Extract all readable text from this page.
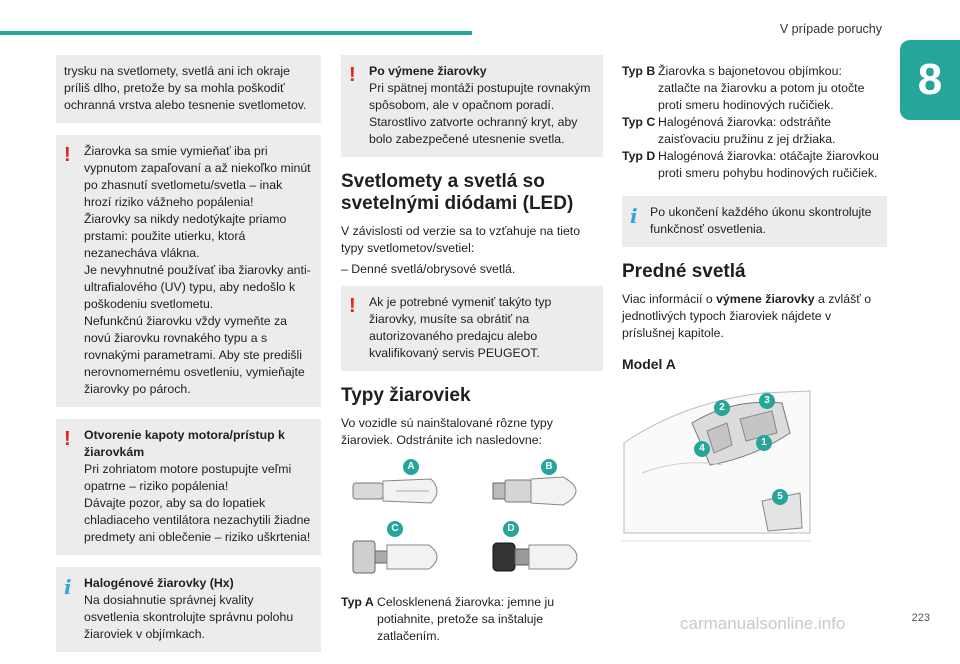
V prípade poruchy
8

trysku na svetlomety, svetlá ani ich okraje príliš dlho, pretože by sa mohla poškodiť ochranná vrstva alebo tesnenie svetlometov.

! Žiarovka sa smie vymieňať iba pri vypnutom zapaľovaní a až niekoľko minút po zhasnutí svetlometu/svetla – inak hrozí riziko vážneho popálenia!

Žiarovky sa nikdy nedotýkajte priamo prstami: použite utierku, ktorá nezanecháva vlákna.

Je nevyhnutné používať iba žiarovky anti-ultrafialového (UV) typu, aby nedošlo k poškodeniu svetlometu.

Nefunkčnú žiarovku vždy vymeňte za novú žiarovku rovnakého typu a s rovnakými parametrami. Aby ste predišli nerovnomernému osvetleniu, vymieňajte žiarovky po pároch.

! Otvorenie kapoty motora/prístup k žiarovkám

Pri zohriatom motore postupujte veľmi opatrne – riziko popálenia!

Dávajte pozor, aby sa do lopatiek chladiaceho ventilátora nezachytili žiadne predmety ani oblečenie – riziko uškrtenia!

i Halogénové žiarovky (Hx)

Na dosiahnutie správnej kvality osvetlenia skontrolujte správnu polohu žiaroviek v objímkach.

! Po výmene žiarovky

Pri spätnej montáži postupujte rovnakým spôsobom, ale v opačnom poradí.

Starostlivo zatvorte ochranný kryt, aby bolo zabezpečené utesnenie svetla.

Svetlomety a svetlá so svetelnými diódami (LED)

V závislosti od verzie sa to vzťahuje na tieto typy svetlometov/svetiel:

– Denné svetlá/obrysové svetlá.

! Ak je potrebné vymeniť takýto typ žiarovky, musíte sa obrátiť na autorizovaného predajcu alebo kvalifikovaný servis PEUGEOT.

Typy žiaroviek

Vo vozidle sú nainštalované rôzne typy žiaroviek. Odstránite ich nasledovne:

A	B
C	D
Typ A Celosklenená žiarovka: jemne ju potiahnite, pretože sa inštaluje zatlačením.
Typ B Žiarovka s bajonetovou objímkou: zatlačte na žiarovku a potom ju otočte proti smeru hodinových ručičiek.
Typ C Halogénová žiarovka: odstráňte zaisťovaciu pružinu z jej držiaka.
Typ D Halogénová žiarovka: otáčajte žiarovkou proti smeru pohybu hodinových ručičiek.
i Po ukončení každého úkonu skontrolujte funkčnosť osvetlenia.

Predné svetlá

Viac informácií o výmene žiarovky a zvlášť o jednotlivých typoch žiaroviek nájdete v príslušnej kapitole.

Model A
1
2
3
4
5
carmanualsonline.info	223
